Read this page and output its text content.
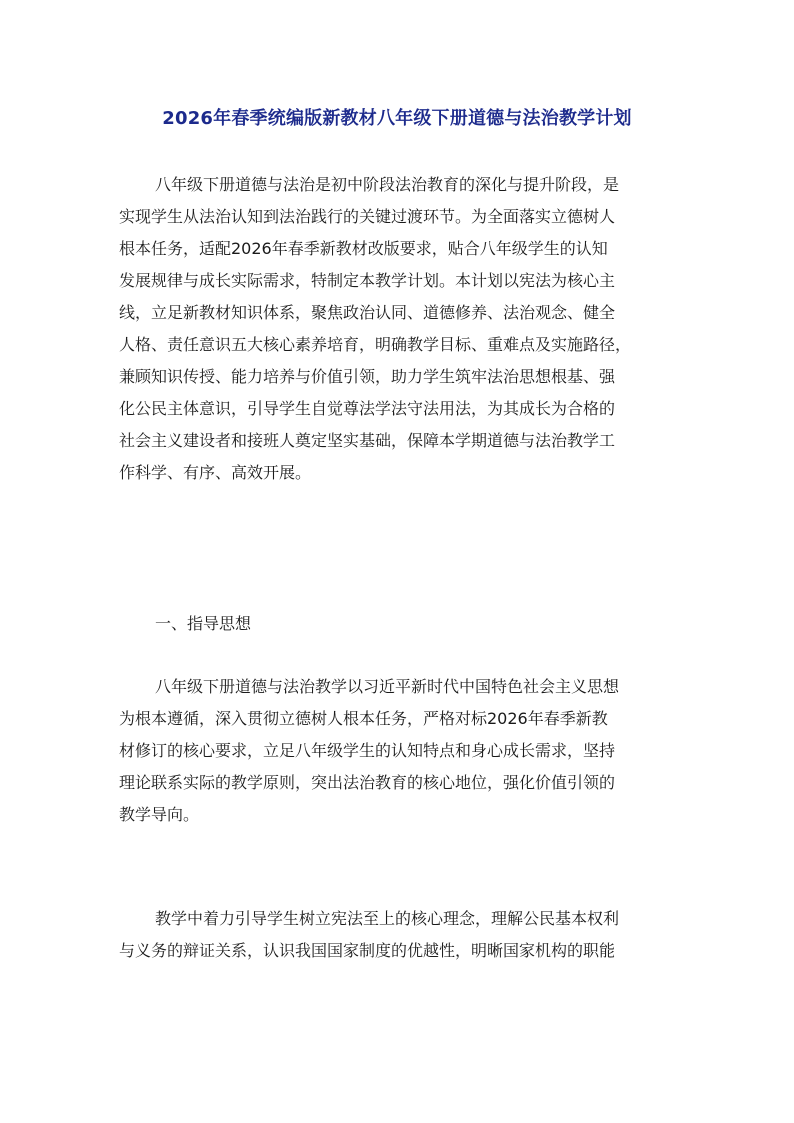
2026年春季统编版新教材八年级下册道德与法治教学计划
八年级下册道德与法治是初中阶段法治教育的深化与提升阶段，是
实现学生从法治认知到法治践行的关键过渡环节。为全面落实立德树人
根本任务，适配2026年春季新教材改版要求，贴合八年级学生的认知
发展规律与成长实际需求，特制定本教学计划。本计划以宪法为核心主
线，立足新教材知识体系，聚焦政治认同、道德修养、法治观念、健全
人格、责任意识五大核心素养培育，明确教学目标、重难点及实施路径，
兼顾知识传授、能力培养与价值引领，助力学生筑牢法治思想根基、强
化公民主体意识，引导学生自觉尊法学法守法用法，为其成长为合格的
社会主义建设者和接班人奠定坚实基础，保障本学期道德与法治教学工
作科学、有序、高效开展。
一、指导思想
八年级下册道德与法治教学以习近平新时代中国特色社会主义思想
为根本遵循，深入贯彻立德树人根本任务，严格对标2026年春季新教
材修订的核心要求，立足八年级学生的认知特点和身心成长需求，坚持
理论联系实际的教学原则，突出法治教育的核心地位，强化价值引领的
教学导向。
教学中着力引导学生树立宪法至上的核心理念，理解公民基本权利
与义务的辩证关系，认识我国国家制度的优越性，明晰国家机构的职能
